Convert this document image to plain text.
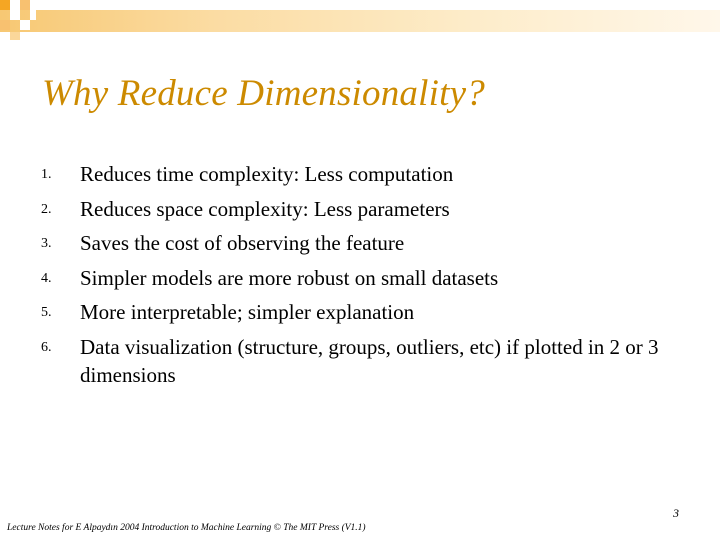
Why Reduce Dimensionality?
1. Reduces time complexity: Less computation
2. Reduces space complexity: Less parameters
3. Saves the cost of observing the feature
4. Simpler models are more robust on small datasets
5. More interpretable; simpler explanation
6. Data visualization (structure, groups, outliers, etc) if plotted in 2 or 3 dimensions
3
Lecture Notes for E Alpaydın 2004 Introduction to Machine Learning © The MIT Press (V1.1)
